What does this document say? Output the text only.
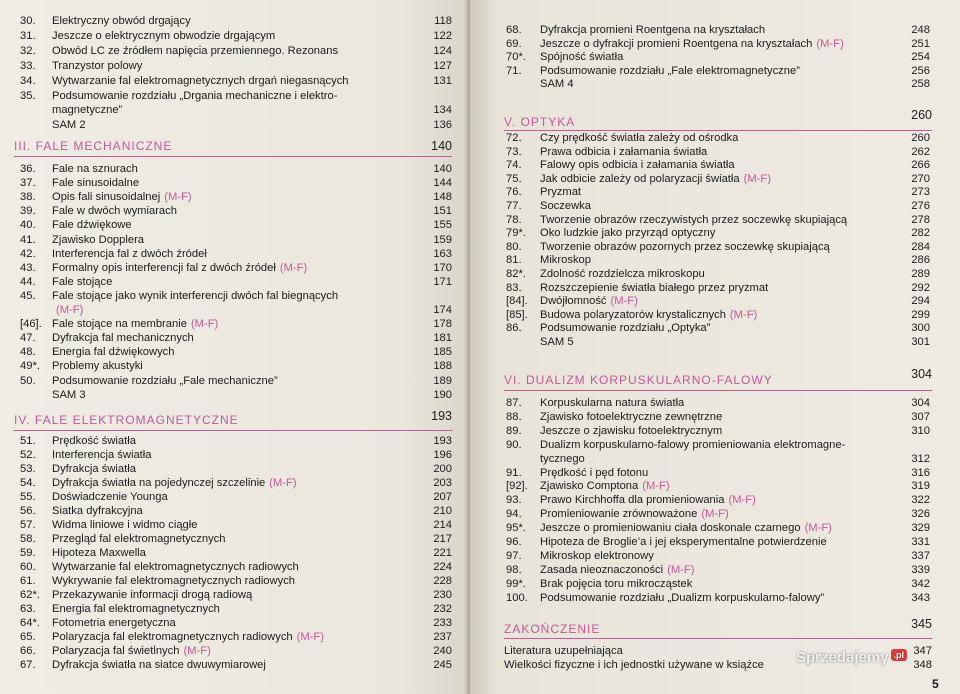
30. Elektryczny obwód drgający	118
31. Jeszcze o elektrycznym obwodzie drgającym	122
32. Obwód LC ze źródłem napięcia przemiennego. Rezonans	124
33. Tranzystor polowy	127
34. Wytwarzanie fal elektromagnetycznych drgań niegasnących	131
35. Podsumowanie rozdziału „Drgania mechaniczne i elektro-
magnetyczne”	134
SAM 2	136
III. FALE MECHANICZNE	140
36. Fale na sznurach	140
37. Fale sinusoidalne	144
38. Opis fali sinusoidalnej (M-F)	148
39. Fale w dwóch wymiarach	151
40. Fale dźwiękowe	155
41. Zjawisko Dopplera	159
42. Interferencja fal z dwóch źródeł	163
43. Formalny opis interferencji fal z dwóch źródeł (M-F)	170
44. Fale stojące	171
45. Fale stojące jako wynik interferencji dwóch fal biegnących
(M-F)	174
[46]. Fale stojące na membranie (M-F)	178
47. Dyfrakcja fal mechanicznych	181
48. Energia fal dźwiękowych	185
49*. Problemy akustyki	188
50. Podsumowanie rozdziału „Fale mechaniczne”	189
SAM 3	190
IV. FALE ELEKTROMAGNETYCZNE	193
51. Prędkość światła	193
52. Interferencja światła	196
53. Dyfrakcja światła	200
54. Dyfrakcja światła na pojedynczej szczelinie (M-F)	203
55. Doświadczenie Younga	207
56. Siatka dyfrakcyjna	210
57. Widma liniowe i widmo ciągłe	214
58. Przegląd fal elektromagnetycznych	217
59. Hipoteza Maxwella	221
60. Wytwarzanie fal elektromagnetycznych radiowych	224
61. Wykrywanie fal elektromagnetycznych radiowych	228
62*. Przekazywanie informacji drogą radiową	230
63. Energia fal elektromagnetycznych	232
64*. Fotometria energetyczna	233
65. Polaryzacja fal elektromagnetycznych radiowych (M-F)	237
66. Polaryzacja fal świetlnych (M-F)	240
67. Dyfrakcja światła na siatce dwuwymiarowej	245
68. Dyfrakcja promieni Roentgena na kryształach	248
69. Jeszcze o dyfrakcji promieni Roentgena na kryształach (M-F)	251
70*. Spójność światła	254
71. Podsumowanie rozdziału „Fale elektromagnetyczne”	256
SAM 4	258
V. OPTYKA	260
72. Czy prędkość światła zależy od ośrodka	260
73. Prawa odbicia i załamania światła	262
74. Falowy opis odbicia i załamania światła	266
75. Jak odbicie zależy od polaryzacji światła (M-F)	270
76. Pryzmat	273
77. Soczewka	276
78. Tworzenie obrazów rzeczywistych przez soczewkę skupiającą	278
79*. Oko ludzkie jako przyrząd optyczny	282
80. Tworzenie obrazów pozornych przez soczewkę skupiającą	284
81. Mikroskop	286
82*. Zdolność rozdzielcza mikroskopu	289
83. Rozszczepienie światła białego przez pryzmat	292
[84]. Dwójłomność (M-F)	294
[85]. Budowa polaryzatorów krystalicznych (M-F)	299
86. Podsumowanie rozdziału „Optyka”	300
SAM 5	301
VI. DUALIZM KORPUSKULARNO-FALOWY	304
87. Korpuskularna natura światła	304
88. Zjawisko fotoelektryczne zewnętrzne	307
89. Jeszcze o zjawisku fotoelektrycznym	310
90. Dualizm korpuskularno-falowy promieniowania elektromagne-
tycznego	312
91. Prędkość i pęd fotonu	316
[92]. Zjawisko Comptona (M-F)	319
93. Prawo Kirchhoffa dla promieniowania (M-F)	322
94. Promieniowanie zrównoważone (M-F)	326
95*. Jeszcze o promieniowaniu ciała doskonale czarnego (M-F)	329
96. Hipoteza de Broglie’a i jej eksperymentalne potwierdzenie	331
97. Mikroskop elektronowy	337
98. Zasada nieoznaczoności (M-F)	339
99*. Brak pojęcia toru mikrocząstek	342
100. Podsumowanie rozdziału „Dualizm korpuskularno-falowy”	343
ZAKOŃCZENIE	345
Literatura uzupełniająca	347
Wielkości fizyczne i ich jednostki używane w książce	348
5
Sprzedajemy .pl
